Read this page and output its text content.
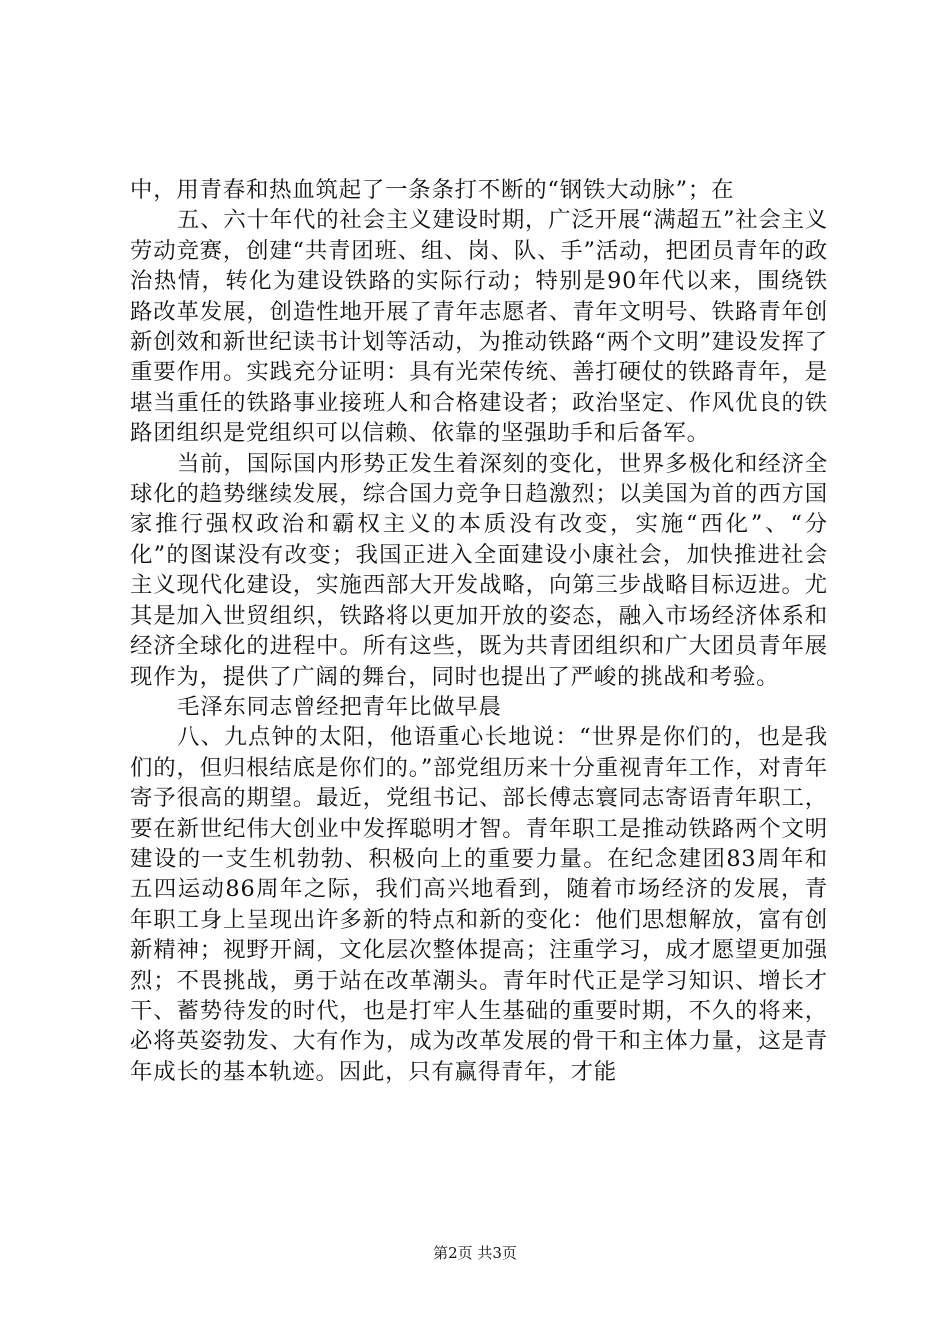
中，用青春和热血筑起了一条条打不断的“钢铁大动脉”；在

五、六十年代的社会主义建设时期，广泛开展“满超五”社会主义劳动竞赛，创建“共青团班、组、岗、队、手”活动，把团员青年的政治热情，转化为建设铁路的实际行动；特别是90年代以来，围绕铁路改革发展，创造性地开展了青年志愿者、青年文明号、铁路青年创新创效和新世纪读书计划等活动，为推动铁路“两个文明”建设发挥了重要作用。实践充分证明：具有光荣传统、善打硬仗的铁路青年，是堪当重任的铁路事业接班人和合格建设者；政治坚定、作风优良的铁路团组织是党组织可以信赖、依靠的坚强助手和后备军。

当前，国际国内形势正发生着深刻的变化，世界多极化和经济全球化的趋势继续发展，综合国力竞争日趋激烈；以美国为首的西方国家推行强权政治和霸权主义的本质没有改变，实施“西化”、“分化”的图谋没有改变；我国正进入全面建设小康社会，加快推进社会主义现代化建设，实施西部大开发战略，向第三步战略目标迈进。尤其是加入世贸组织，铁路将以更加开放的姿态，融入市场经济体系和经济全球化的进程中。所有这些，既为共青团组织和广大团员青年展现作为，提供了广阔的舞台，同时也提出了严峻的挑战和考验。

毛泽东同志曾经把青年比做早晨

八、九点钟的太阳，他语重心长地说：“世界是你们的，也是我们的，但归根结底是你们的。”部党组历来十分重视青年工作，对青年寄予很高的期望。最近，党组书记、部长傅志寰同志寄语青年职工，要在新世纪伟大创业中发挥聪明才智。青年职工是推动铁路两个文明建设的一支生机勃勃、积极向上的重要力量。在纪念建团83周年和五四运动86周年之际，我们高兴地看到，随着市场经济的发展，青年职工身上呈现出许多新的特点和新的变化：他们思想解放，富有创新精神；视野开阔，文化层次整体提高；注重学习，成才愿望更加强烈；不畏挑战，勇于站在改革潮头。青年时代正是学习知识、增长才干、蓄势待发的时代，也是打牢人生基础的重要时期，不久的将来，必将英姿勃发、大有作为，成为改革发展的骨干和主体力量，这是青年成长的基本轨迹。因此，只有赢得青年，才能

第2页 共3页
